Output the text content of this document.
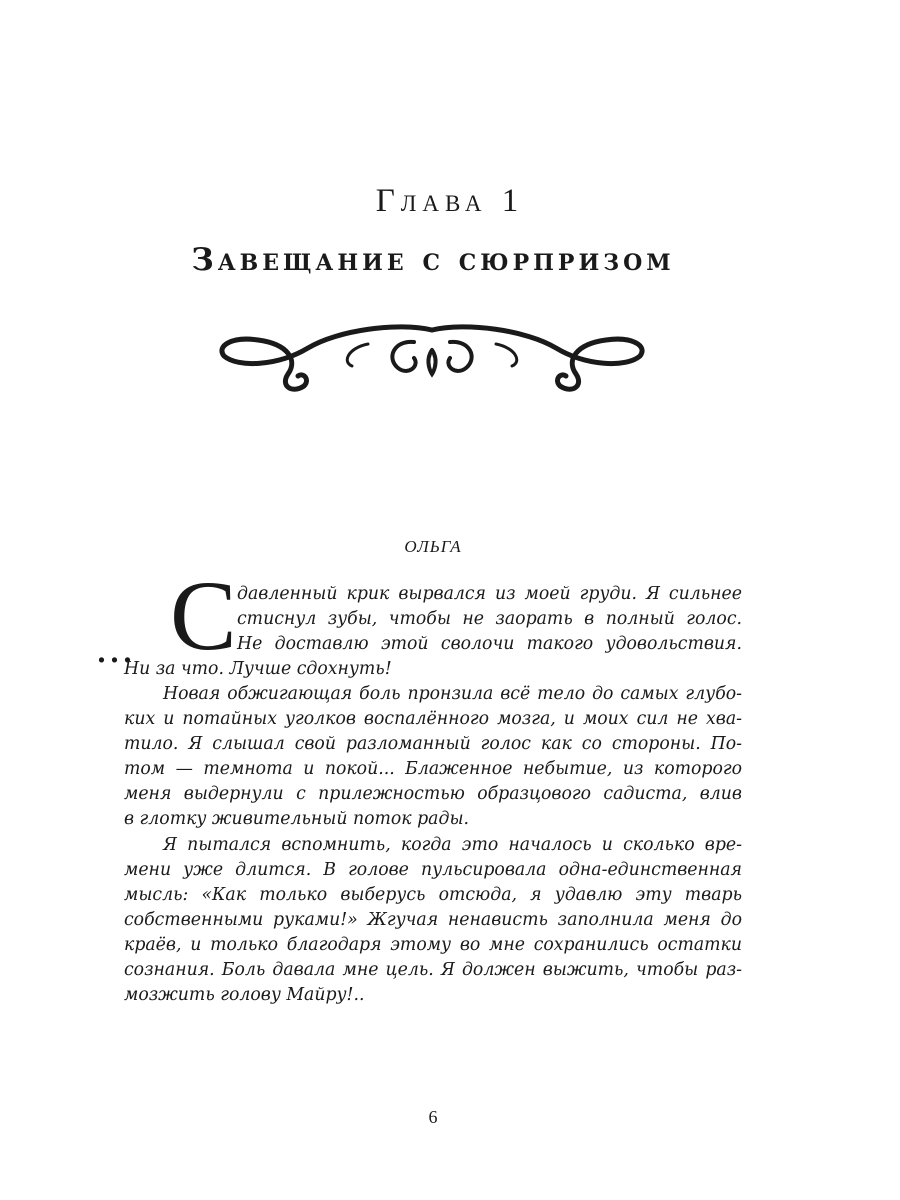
Глава 1
Завещание с сюрпризом
ОЛЬГА
... С давленный крик вырвался из моей груди. Я сильнее
стиснул зубы, чтобы не заорать в полный голос.
Не доставлю этой сволочи такого удовольствия.
Ни за что. Лучше сдохнуть!
Новая обжигающая боль пронзила всё тело до самых глубо-
ких и потайных уголков воспалённого мозга, и моих сил не хва-
тило. Я слышал свой разломанный голос как со стороны. По-
том — темнота и покой... Блаженное небытие, из которого
меня выдернули с прилежностью образцового садиста, влив
в глотку живительный поток рады.
Я пытался вспомнить, когда это началось и сколько вре-
мени уже длится. В голове пульсировала одна-единственная
мысль: «Как только выберусь отсюда, я удавлю эту тварь
собственными руками!» Жгучая ненависть заполнила меня до
краёв, и только благодаря этому во мне сохранились остатки
сознания. Боль давала мне цель. Я должен выжить, чтобы раз-
мозжить голову Майру!..
6
